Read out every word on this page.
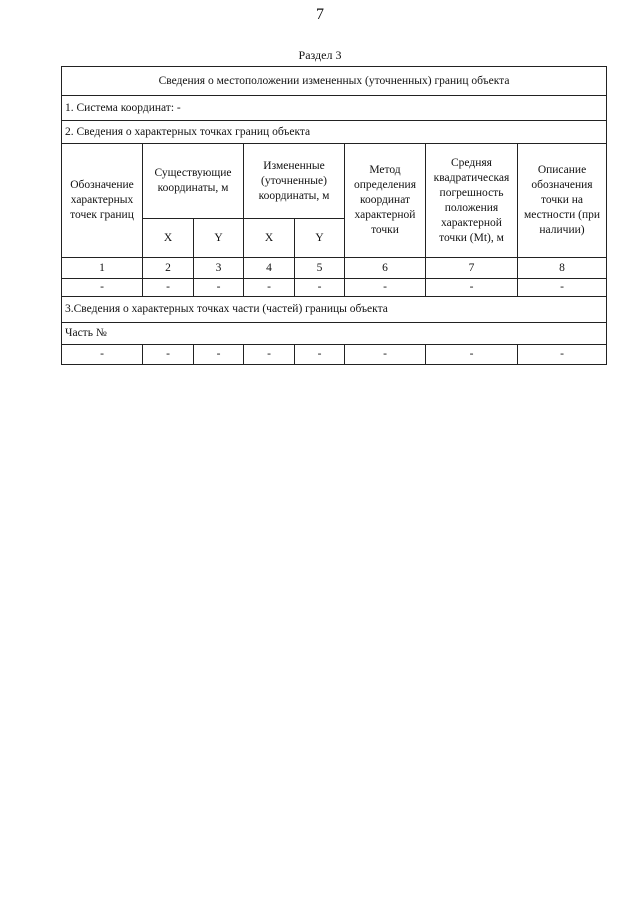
7
Раздел 3
Сведения о местоположении измененных (уточненных) границ объекта							
1. Система координат: -							
2. Сведения о характерных точках границ объекта							
Обозначение характерных точек границ	Существующие координаты, м		Измененные (уточненные) координаты, м		Метод определения координат характерной точки	Средняя квадратическая погрешность положения характерной точки (Mt), м	Описание обозначения точки на местности (при наличии)
	X	Y	X	Y			
1	2	3	4	5	6	7	8
-	-	-	-	-	-	-	-
3.Сведения о характерных точках части (частей) границы объекта							
Часть №							
-	-	-	-	-	-	-	-
